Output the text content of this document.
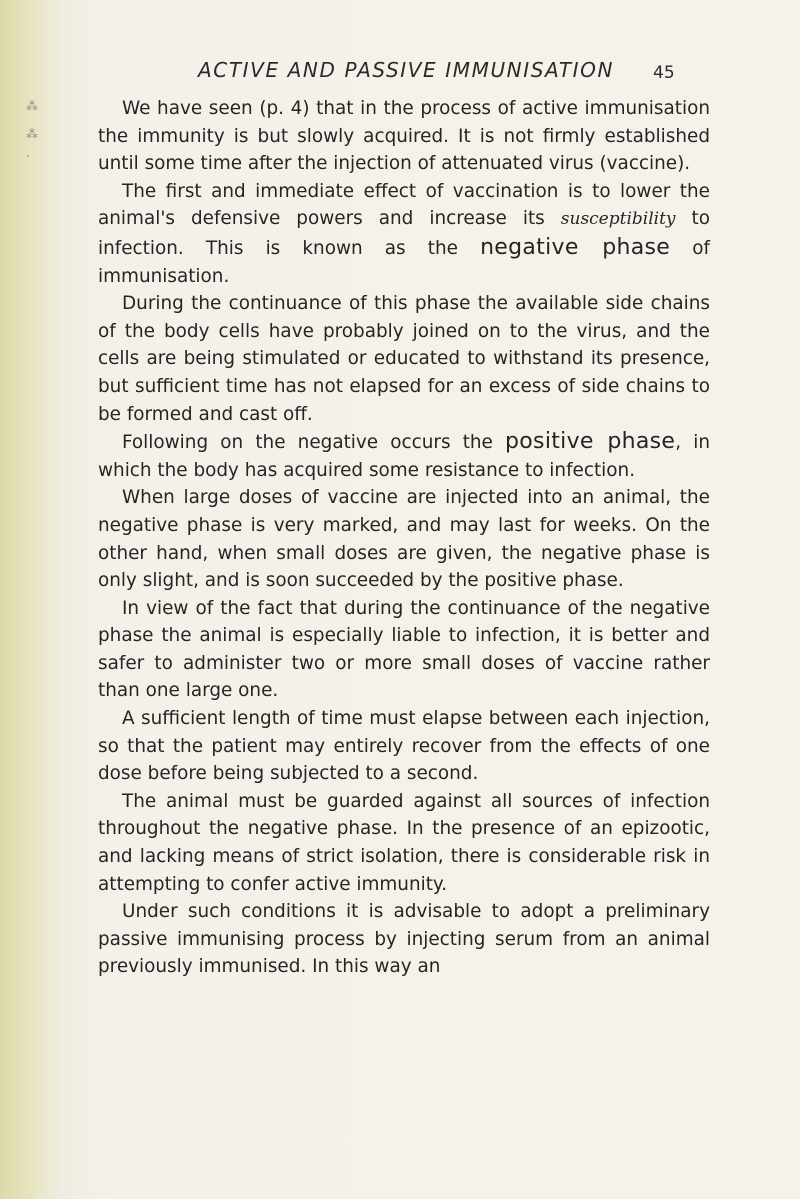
⁂
⁂
·
ACTIVE AND PASSIVE IMMUNISATION 45

We have seen (p. 4) that in the process of active immunisation the immunity is but slowly acquired. It is not firmly established until some time after the injection of attenuated virus (vaccine).

The first and immediate effect of vaccination is to lower the animal's defensive powers and increase its susceptibility to infection. This is known as the negative phase of immunisation.

During the continuance of this phase the available side chains of the body cells have probably joined on to the virus, and the cells are being stimulated or educated to withstand its presence, but sufficient time has not elapsed for an excess of side chains to be formed and cast off.

Following on the negative occurs the positive phase, in which the body has acquired some resistance to infection.

When large doses of vaccine are injected into an animal, the negative phase is very marked, and may last for weeks. On the other hand, when small doses are given, the negative phase is only slight, and is soon succeeded by the positive phase.

In view of the fact that during the continuance of the negative phase the animal is especially liable to infection, it is better and safer to administer two or more small doses of vaccine rather than one large one.

A sufficient length of time must elapse between each injection, so that the patient may entirely recover from the effects of one dose before being subjected to a second.

The animal must be guarded against all sources of infection throughout the negative phase. In the presence of an epizootic, and lacking means of strict isolation, there is considerable risk in attempting to confer active immunity.

Under such conditions it is advisable to adopt a preliminary passive immunising process by injecting serum from an animal previously immunised. In this way an
